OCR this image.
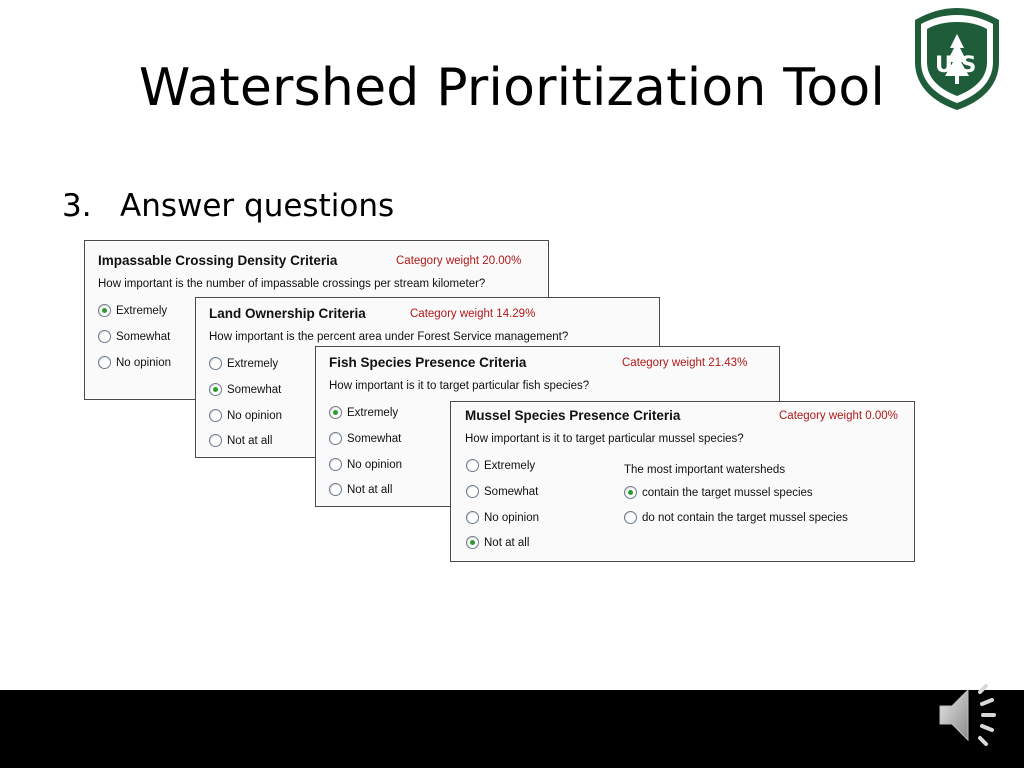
Watershed Prioritization Tool	U S
3. Answer questions
Impassable Crossing Density Criteria	Category weight 20.00%
How important is the number of impassable crossings per stream kilometer?
Extremely
Somewhat
No opinion
Land Ownership Criteria	Category weight 14.29%
How important is the percent area under Forest Service management?
Extremely
Somewhat
No opinion
Not at all
Fish Species Presence Criteria	Category weight 21.43%
How important is it to target particular fish species?
Extremely
Somewhat
No opinion
Not at all
Mussel Species Presence Criteria	Category weight 0.00%
How important is it to target particular mussel species?
Extremely
Somewhat
No opinion
Not at all
The most important watersheds
contain the target mussel species
do not contain the target mussel species
